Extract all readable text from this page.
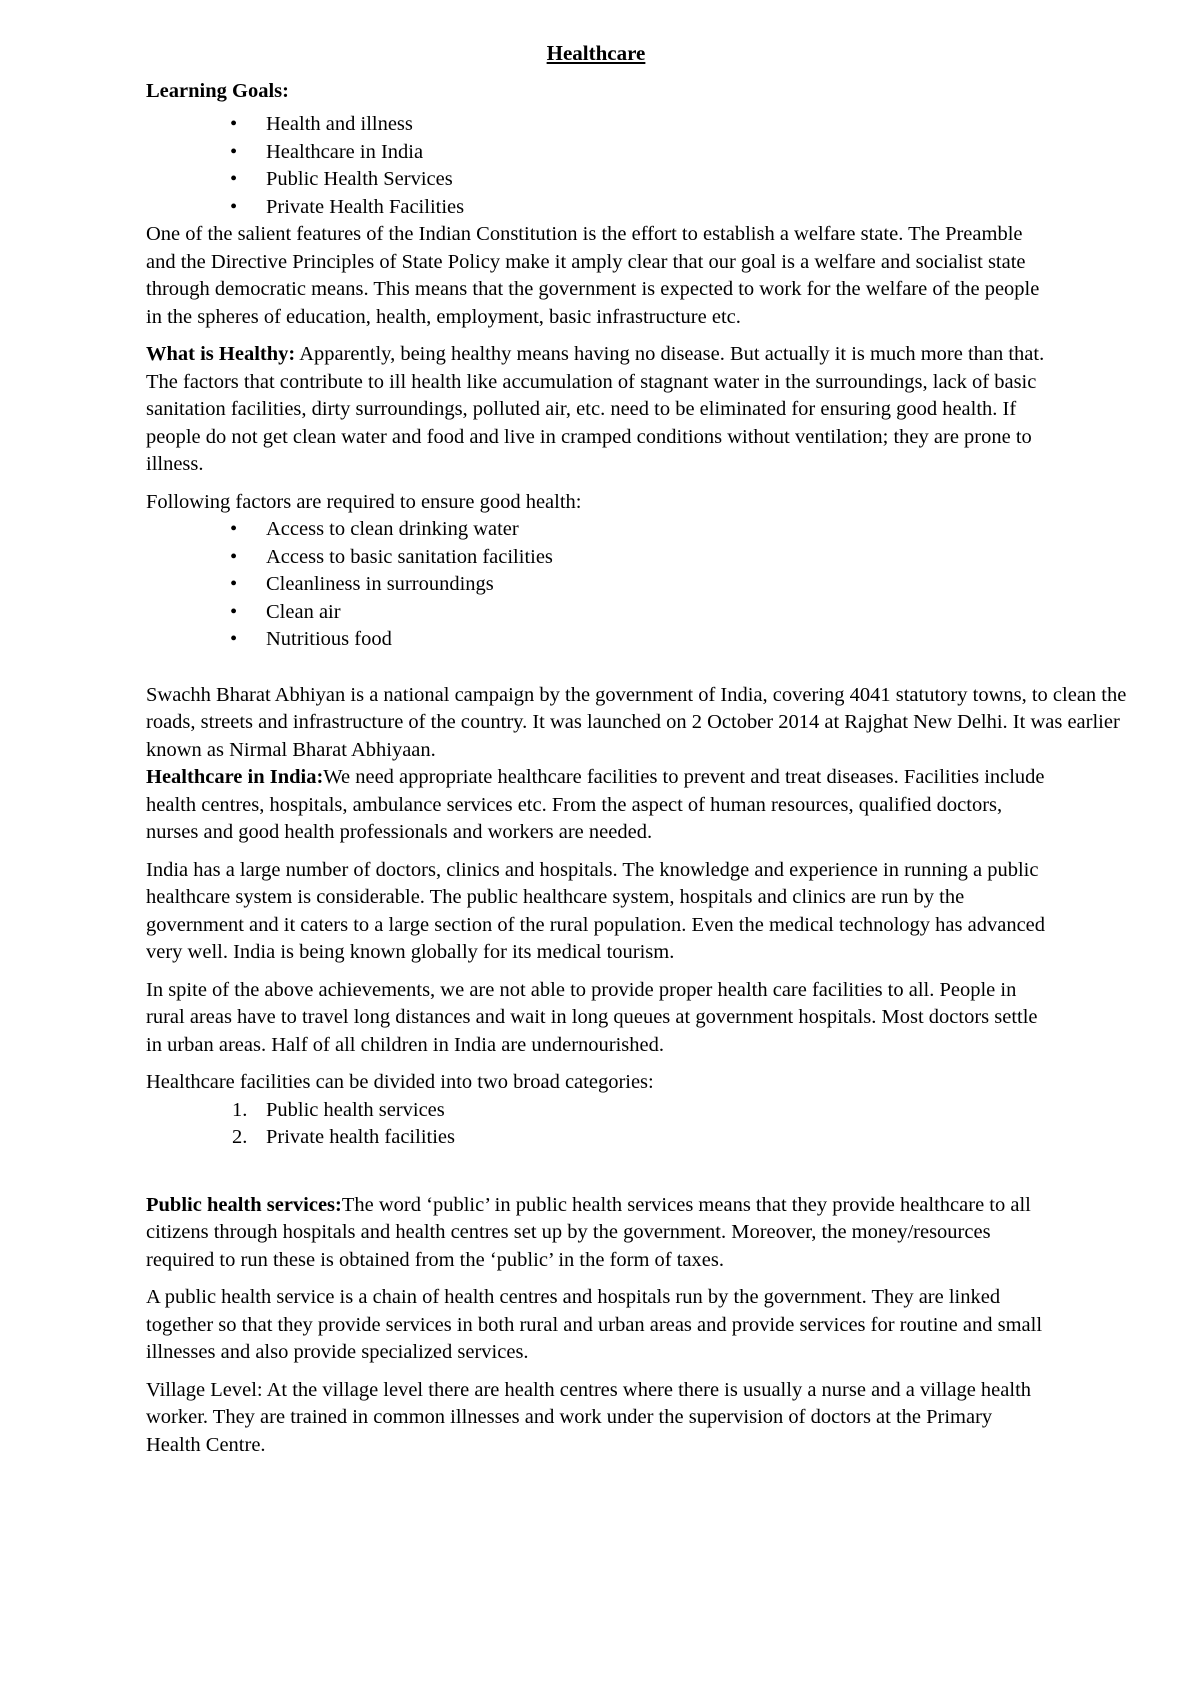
Healthcare
Learning Goals:
• Health and illness
• Healthcare in India
• Public Health Services
• Private Health Facilities

One of the salient features of the Indian Constitution is the effort to establish a welfare state. The Preamble and the Directive Principles of State Policy make it amply clear that our goal is a welfare and socialist state through democratic means. This means that the government is expected to work for the welfare of the people in the spheres of education, health, employment, basic infrastructure etc.

What is Healthy: Apparently, being healthy means having no disease. But actually it is much more than that. The factors that contribute to ill health like accumulation of stagnant water in the surroundings, lack of basic sanitation facilities, dirty surroundings, polluted air, etc. need to be eliminated for ensuring good health. If people do not get clean water and food and live in cramped conditions without ventilation; they are prone to illness.

Following factors are required to ensure good health:

• Access to clean drinking water
• Access to basic sanitation facilities
• Cleanliness in surroundings
• Clean air
• Nutritious food

Swachh Bharat Abhiyan is a national campaign by the government of India, covering 4041 statutory towns, to clean the roads, streets and infrastructure of the country. It was launched on 2 October 2014 at Rajghat New Delhi. It was earlier known as Nirmal Bharat Abhiyaan.

Healthcare in India:We need appropriate healthcare facilities to prevent and treat diseases. Facilities include health centres, hospitals, ambulance services etc. From the aspect of human resources, qualified doctors, nurses and good health professionals and workers are needed.

India has a large number of doctors, clinics and hospitals. The knowledge and experience in running a public healthcare system is considerable. The public healthcare system, hospitals and clinics are run by the government and it caters to a large section of the rural population. Even the medical technology has advanced very well. India is being known globally for its medical tourism.

In spite of the above achievements, we are not able to provide proper health care facilities to all. People in rural areas have to travel long distances and wait in long queues at government hospitals. Most doctors settle in urban areas. Half of all children in India are undernourished.

Healthcare facilities can be divided into two broad categories:

1. Public health services
2. Private health facilities

Public health services:The word ‘public’ in public health services means that they provide healthcare to all citizens through hospitals and health centres set up by the government. Moreover, the money/resources required to run these is obtained from the ‘public’ in the form of taxes.

A public health service is a chain of health centres and hospitals run by the government. They are linked together so that they provide services in both rural and urban areas and provide services for routine and small illnesses and also provide specialized services.

Village Level: At the village level there are health centres where there is usually a nurse and a village health worker. They are trained in common illnesses and work under the supervision of doctors at the Primary Health Centre.
